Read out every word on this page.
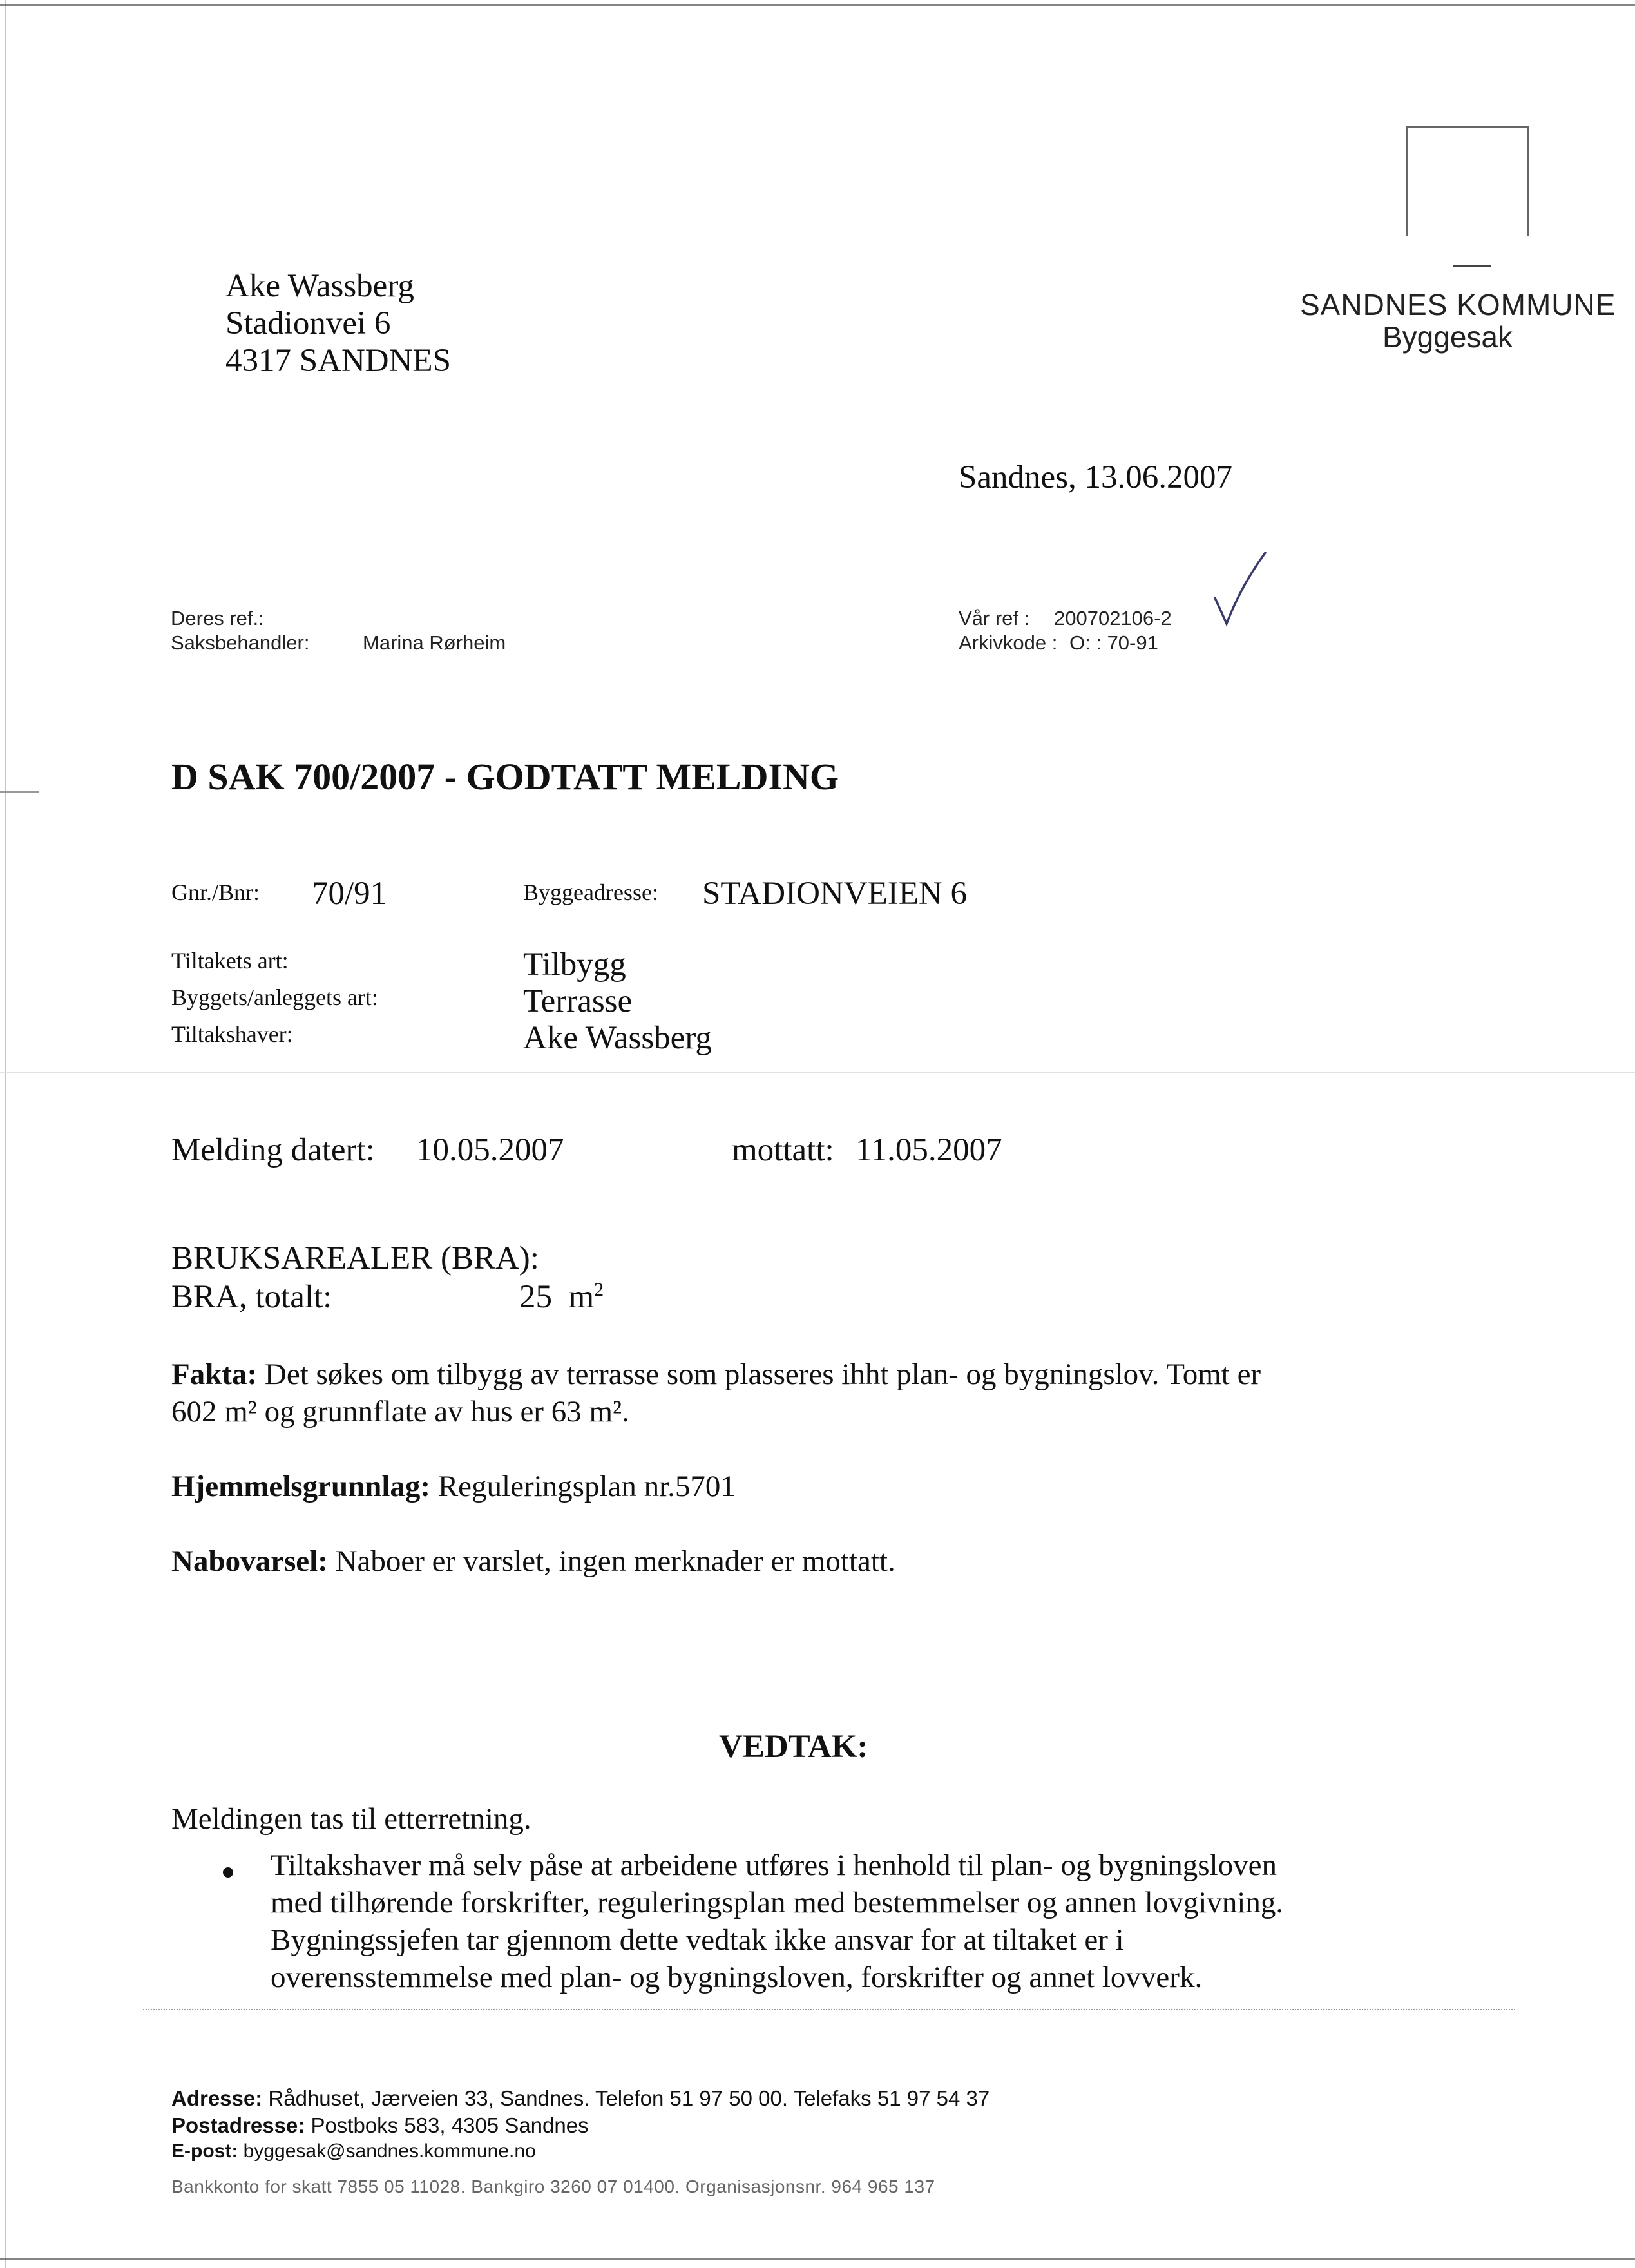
Ake Wassberg
Stadionvei 6
4317 SANDNES
SANDNES KOMMUNE
Byggesak
Sandnes, 13.06.2007
Deres ref.:
Saksbehandler:	Marina Rørheim
Vår ref : 200702106-2
Arkivkode : O: : 70-91
D SAK 700/2007 - GODTATT MELDING
Gnr./Bnr: 70/91	Byggeadresse: STADIONVEIEN 6
Tiltakets art:	Tilbygg
Byggets/anleggets art:	Terrasse
Tiltakshaver:	Ake Wassberg
Melding datert: 10.05.2007	mottatt: 11.05.2007
BRUKSAREALER (BRA):
BRA, totalt:	25 $m^2$
Fakta: Det søkes om tilbygg av terrasse som plasseres ihht plan- og bygningslov. Tomt er
602 m² og grunnflate av hus er 63 m².
Hjemmelsgrunnlag: Reguleringsplan nr.5701
Nabovarsel: Naboer er varslet, ingen merknader er mottatt.
VEDTAK:
Meldingen tas til etterretning.
Tiltakshaver må selv påse at arbeidene utføres i henhold til plan- og bygningsloven
med tilhørende forskrifter, reguleringsplan med bestemmelser og annen lovgivning.
Bygningssjefen tar gjennom dette vedtak ikke ansvar for at tiltaket er i
overensstemmelse med plan- og bygningsloven, forskrifter og annet lovverk.
Adresse: Rådhuset, Jærveien 33, Sandnes. Telefon 51 97 50 00. Telefaks 51 97 54 37
Postadresse: Postboks 583, 4305 Sandnes
E-post: byggesak@sandnes.kommune.no
Bankkonto for skatt 7855 05 11028. Bankgiro 3260 07 01400. Organisasjonsnr. 964 965 137
